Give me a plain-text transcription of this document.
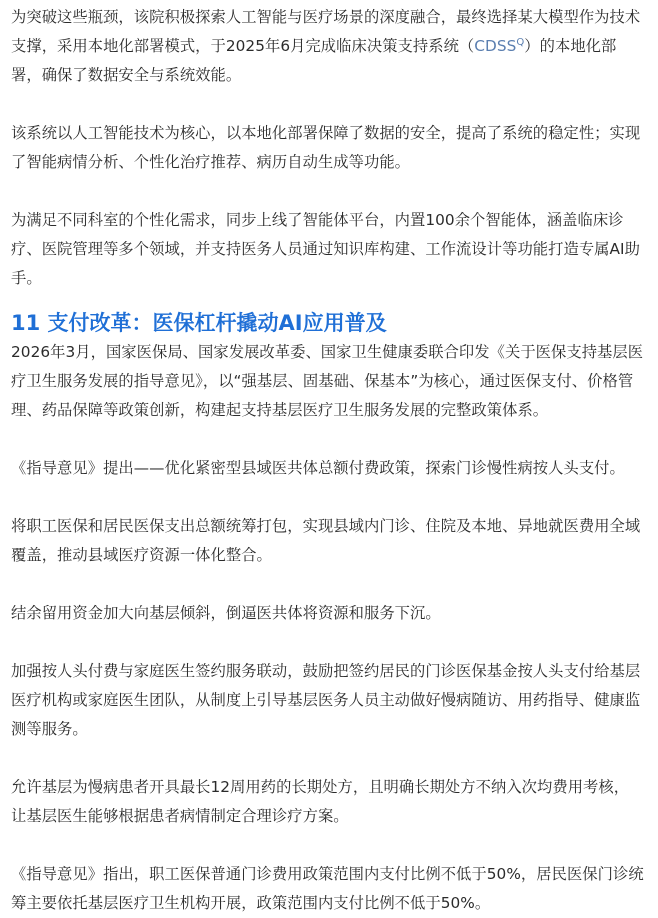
为突破这些瓶颈，该院积极探索人工智能与医疗场景的深度融合，最终选择某大模型作为技术支撑，采用本地化部署模式，于2025年6月完成临床决策支持系统$(CDSS^Q)$的本地化部署，确保了数据安全与系统效能。

该系统以人工智能技术为核心，以本地化部署保障了数据的安全，提高了系统的稳定性；实现了智能病情分析、个性化治疗推荐、病历自动生成等功能。

为满足不同科室的个性化需求，同步上线了智能体平台，内置100余个智能体，涵盖临床诊疗、医院管理等多个领域，并支持医务人员通过知识库构建、工作流设计等功能打造专属AI助手。

11 支付改革：医保杠杆撬动AI应用普及

2026年3月，国家医保局、国家发展改革委、国家卫生健康委联合印发《关于医保支持基层医疗卫生服务发展的指导意见》，以“强基层、固基础、保基本”为核心，通过医保支付、价格管理、药品保障等政策创新，构建起支持基层医疗卫生服务发展的完整政策体系。

《指导意见》提出——优化紧密型县域医共体总额付费政策，探索门诊慢性病按人头支付。

将职工医保和居民医保支出总额统筹打包，实现县域内门诊、住院及本地、异地就医费用全域覆盖，推动县域医疗资源一体化整合。

结余留用资金加大向基层倾斜，倒逼医共体将资源和服务下沉。

加强按人头付费与家庭医生签约服务联动，鼓励把签约居民的门诊医保基金按人头支付给基层医疗机构或家庭医生团队，从制度上引导基层医务人员主动做好慢病随访、用药指导、健康监测等服务。

允许基层为慢病患者开具最长12周用药的长期处方，且明确长期处方不纳入次均费用考核，让基层医生能够根据患者病情制定合理诊疗方案。

《指导意见》指出，职工医保普通门诊费用政策范围内支付比例不低于50%，居民医保门诊统筹主要依托基层医疗卫生机构开展，政策范围内支付比例不低于50%。
